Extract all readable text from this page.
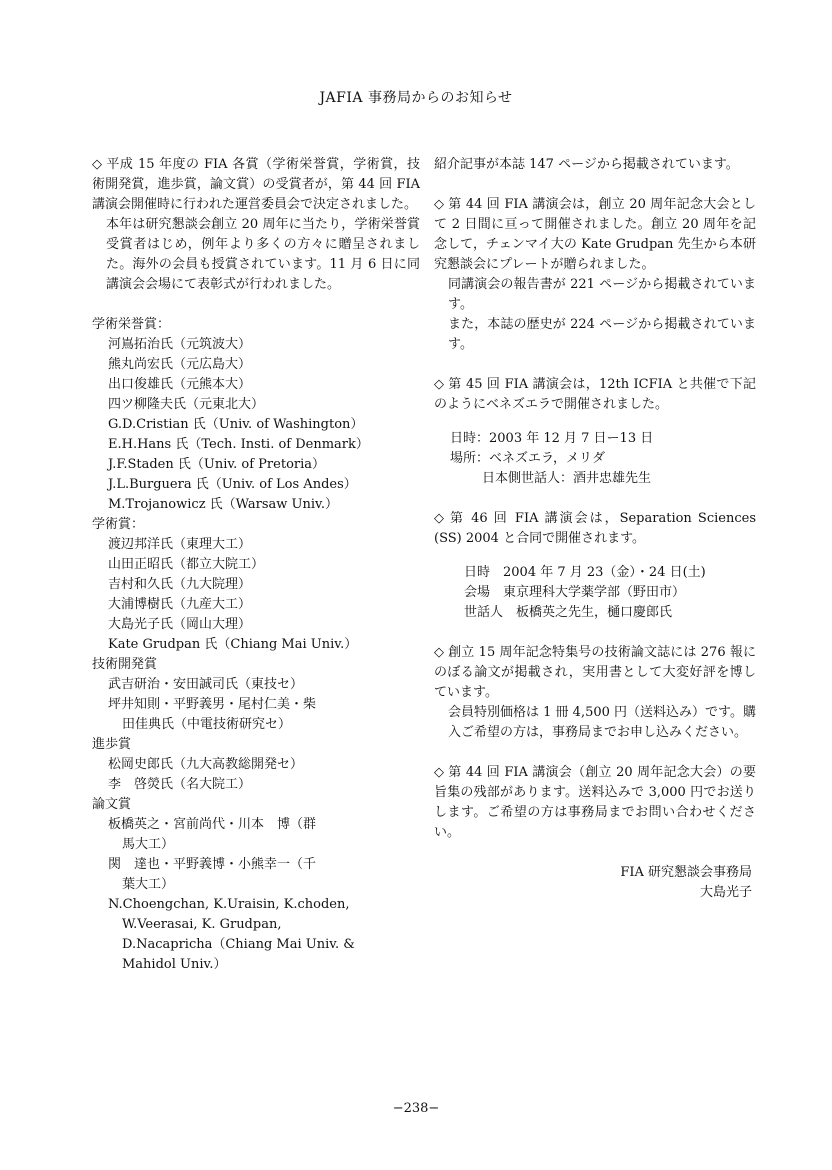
JAFIA 事務局からのお知らせ

◇ 平成 15 年度の FIA 各賞（学術栄誉賞，学術賞，技術開発賞，進歩賞，論文賞）の受賞者が，第 44 回 FIA 講演会開催時に行われた運営委員会で決定されました。

本年は研究懇談会創立 20 周年に当たり，学術栄誉賞受賞者はじめ，例年より多くの方々に贈呈されました。海外の会員も授賞されています。11 月 6 日に同講演会会場にて表彰式が行われました。

学術栄誉賞：
河嶌拓治氏（元筑波大）
熊丸尚宏氏（元広島大）
出口俊雄氏（元熊本大）
四ツ柳隆夫氏（元東北大）
G.D.Cristian 氏（Univ. of Washington）
E.H.Hans 氏（Tech. Insti. of Denmark）
J.F.Staden 氏（Univ. of Pretoria）
J.L.Burguera 氏（Univ. of Los Andes）
M.Trojanowicz 氏（Warsaw Univ.）
学術賞：
渡辺邦洋氏（東理大工）
山田正昭氏（都立大院工）
吉村和久氏（九大院理）
大浦博樹氏（九産大工）
大島光子氏（岡山大理）
Kate Grudpan 氏（Chiang Mai Univ.）
技術開発賞
武吉研治・安田誠司氏（東技セ）
坪井知則・平野義男・尾村仁美・柴
田佳典氏（中電技術研究セ）
進歩賞
松岡史郎氏（九大高教総開発セ）
李　啓熒氏（名大院工）
論文賞
板橋英之・宮前尚代・川本　博（群
馬大工）
関　達也・平野義博・小熊幸一（千
葉大工）
N.Choengchan, K.Uraisin, K.choden,
W.Veerasai, K. Grudpan,
D.Nacapricha（Chiang Mai Univ. &
Mahidol Univ.）

紹介記事が本誌 147 ページから掲載されています。

◇ 第 44 回 FIA 講演会は，創立 20 周年記念大会として 2 日間に亘って開催されました。創立 20 周年を記念して，チェンマイ大の Kate Grudpan 先生から本研究懇談会にプレートが贈られました。

同講演会の報告書が 221 ページから掲載されています。

また，本誌の歴史が 224 ページから掲載されています。

◇ 第 45 回 FIA 講演会は，12th ICFIA と共催で下記のようにベネズエラで開催されました。

日時：2003 年 12 月 7 日ー13 日
場所：ベネズエラ，メリダ
日本側世話人：酒井忠雄先生

◇ 第 46 回 FIA 講演会は，Separation Sciences (SS) 2004 と合同で開催されます。

日時　2004 年 7 月 23（金）・24 日(土)
会場　東京理科大学薬学部（野田市）
世話人　板橋英之先生，樋口慶郎氏

◇ 創立 15 周年記念特集号の技術論文誌には 276 報にのぼる論文が掲載され，実用書として大変好評を博しています。

会員特別価格は 1 冊 4,500 円（送料込み）です。購入ご希望の方は，事務局までお申し込みください。

◇ 第 44 回 FIA 講演会（創立 20 周年記念大会）の要旨集の残部があります。送料込みで 3,000 円でお送りします。ご希望の方は事務局までお問い合わせください。

FIA 研究懇談会事務局
大島光子
−238−
